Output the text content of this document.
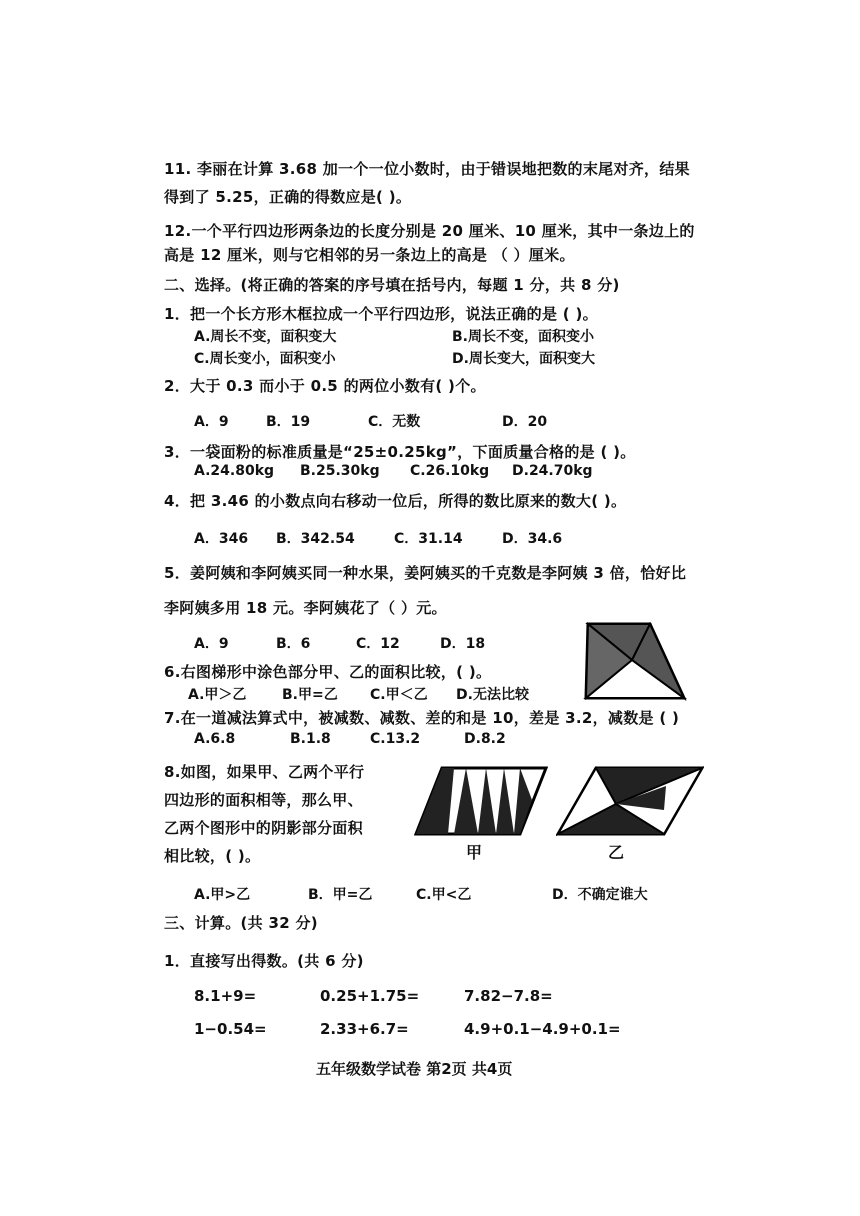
11. 李丽在计算 3.68 加一个一位小数时，由于错误地把数的末尾对齐，结果
得到了 5.25，正确的得数应是( )。
12.一个平行四边形两条边的长度分别是 20 厘米、10 厘米，其中一条边上的
高是 12 厘米，则与它相邻的另一条边上的高是 （ ）厘米。
二、选择。(将正确的答案的序号填在括号内，每题 1 分，共 8 分)
1．把一个长方形木框拉成一个平行四边形，说法正确的是 ( )。
A.周长不变，面积变大	B.周长不变，面积变小
C.周长变小，面积变小	D.周长变大，面积变大
2．大于 0.3 而小于 0.5 的两位小数有( )个。
A．9	B．19	C．无数	D．20
3．一袋面粉的标准质量是“25±0.25kg”，下面质量合格的是 ( )。
A.24.80kg B.25.30kg C.26.10kg D.24.70kg
4．把 3.46 的小数点向右移动一位后，所得的数比原来的数大( )。
A．346 B．342.54	C．31.14	D．34.6
5．姜阿姨和李阿姨买同一种水果，姜阿姨买的千克数是李阿姨 3 倍，恰好比
李阿姨多用 18 元。李阿姨花了（ ）元。
A．9	B．6	C．12	D．18
6.右图梯形中涂色部分甲、乙的面积比较，( )。
A.甲＞乙	B.甲=乙 C.甲＜乙 D.无法比较
7.在一道减法算式中，被减数、减数、差的和是 10，差是 3.2，减数是 ( )
A.6.8	B.1.8	C.13.2	D.8.2
8.如图，如果甲、乙两个平行
四边形的面积相等，那么甲、
乙两个图形中的阴影部分面积
相比较，( )。	甲	乙
A.甲>乙	B．甲=乙	C.甲<乙	D．不确定谁大
三、计算。(共 32 分)
1．直接写出得数。(共 6 分)
8.1+9=	0.25+1.75=	7.82−7.8=
1−0.54=	2.33+6.7=	4.9+0.1−4.9+0.1=
五年级数学试卷 第2页 共4页
